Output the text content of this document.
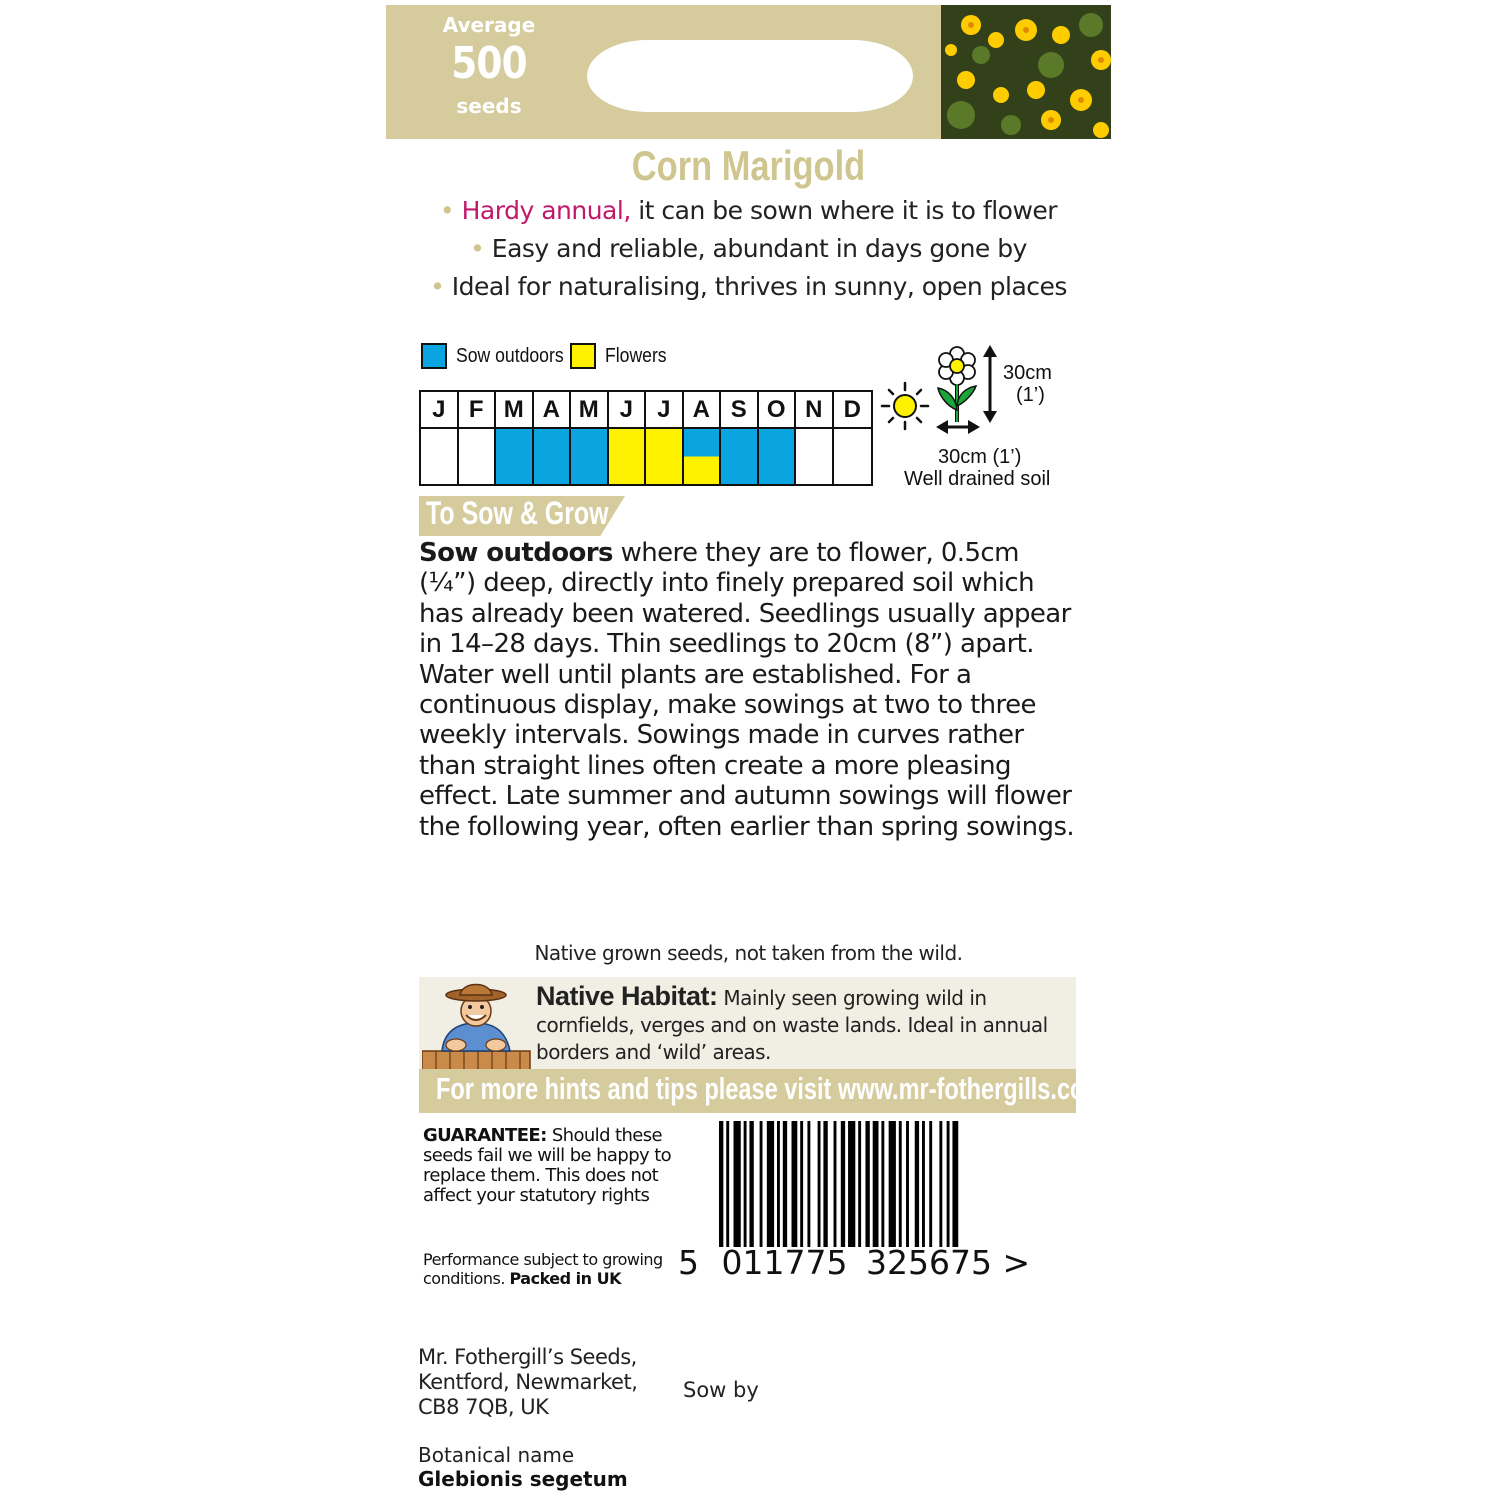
Average
500
seeds
Corn Marigold
• Hardy annual, it can be sown where it is to flower
• Easy and reliable, abundant in days gone by
• Ideal for naturalising, thrives in sunny, open places
Sow outdoors Flowers
J F M A M J	J A S O N D
30cm
(1’)
30cm (1’)
Well drained soil
To Sow & Grow
Sow outdoors where they are to flower, 0.5cm (¼”) deep, directly into finely prepared soil which has already been watered. Seedlings usually appear in 14–28 days. Thin seedlings to 20cm (8”) apart. Water well until plants are established. For a continuous display, make sowings at two to three weekly intervals. Sowings made in curves rather than straight lines often create a more pleasing effect. Late summer and autumn sowings will flower the following year, often earlier than spring sowings.
Native grown seeds, not taken from the wild.
Native Habitat: Mainly seen growing wild in cornfields, verges and on waste lands. Ideal in annual borders and ‘wild’ areas.
For more hints and tips please visit www.mr-fothergills.co.uk
GUARANTEE: Should these seeds fail we will be happy to replace them. This does not affect your statutory rights
Performance subject to growing conditions. Packed in UK	5 011775 325675 >
Mr. Fothergill’s Seeds,
Kentford, Newmarket,
CB8 7QB, UK
Sow by
Botanical name
Glebionis segetum
